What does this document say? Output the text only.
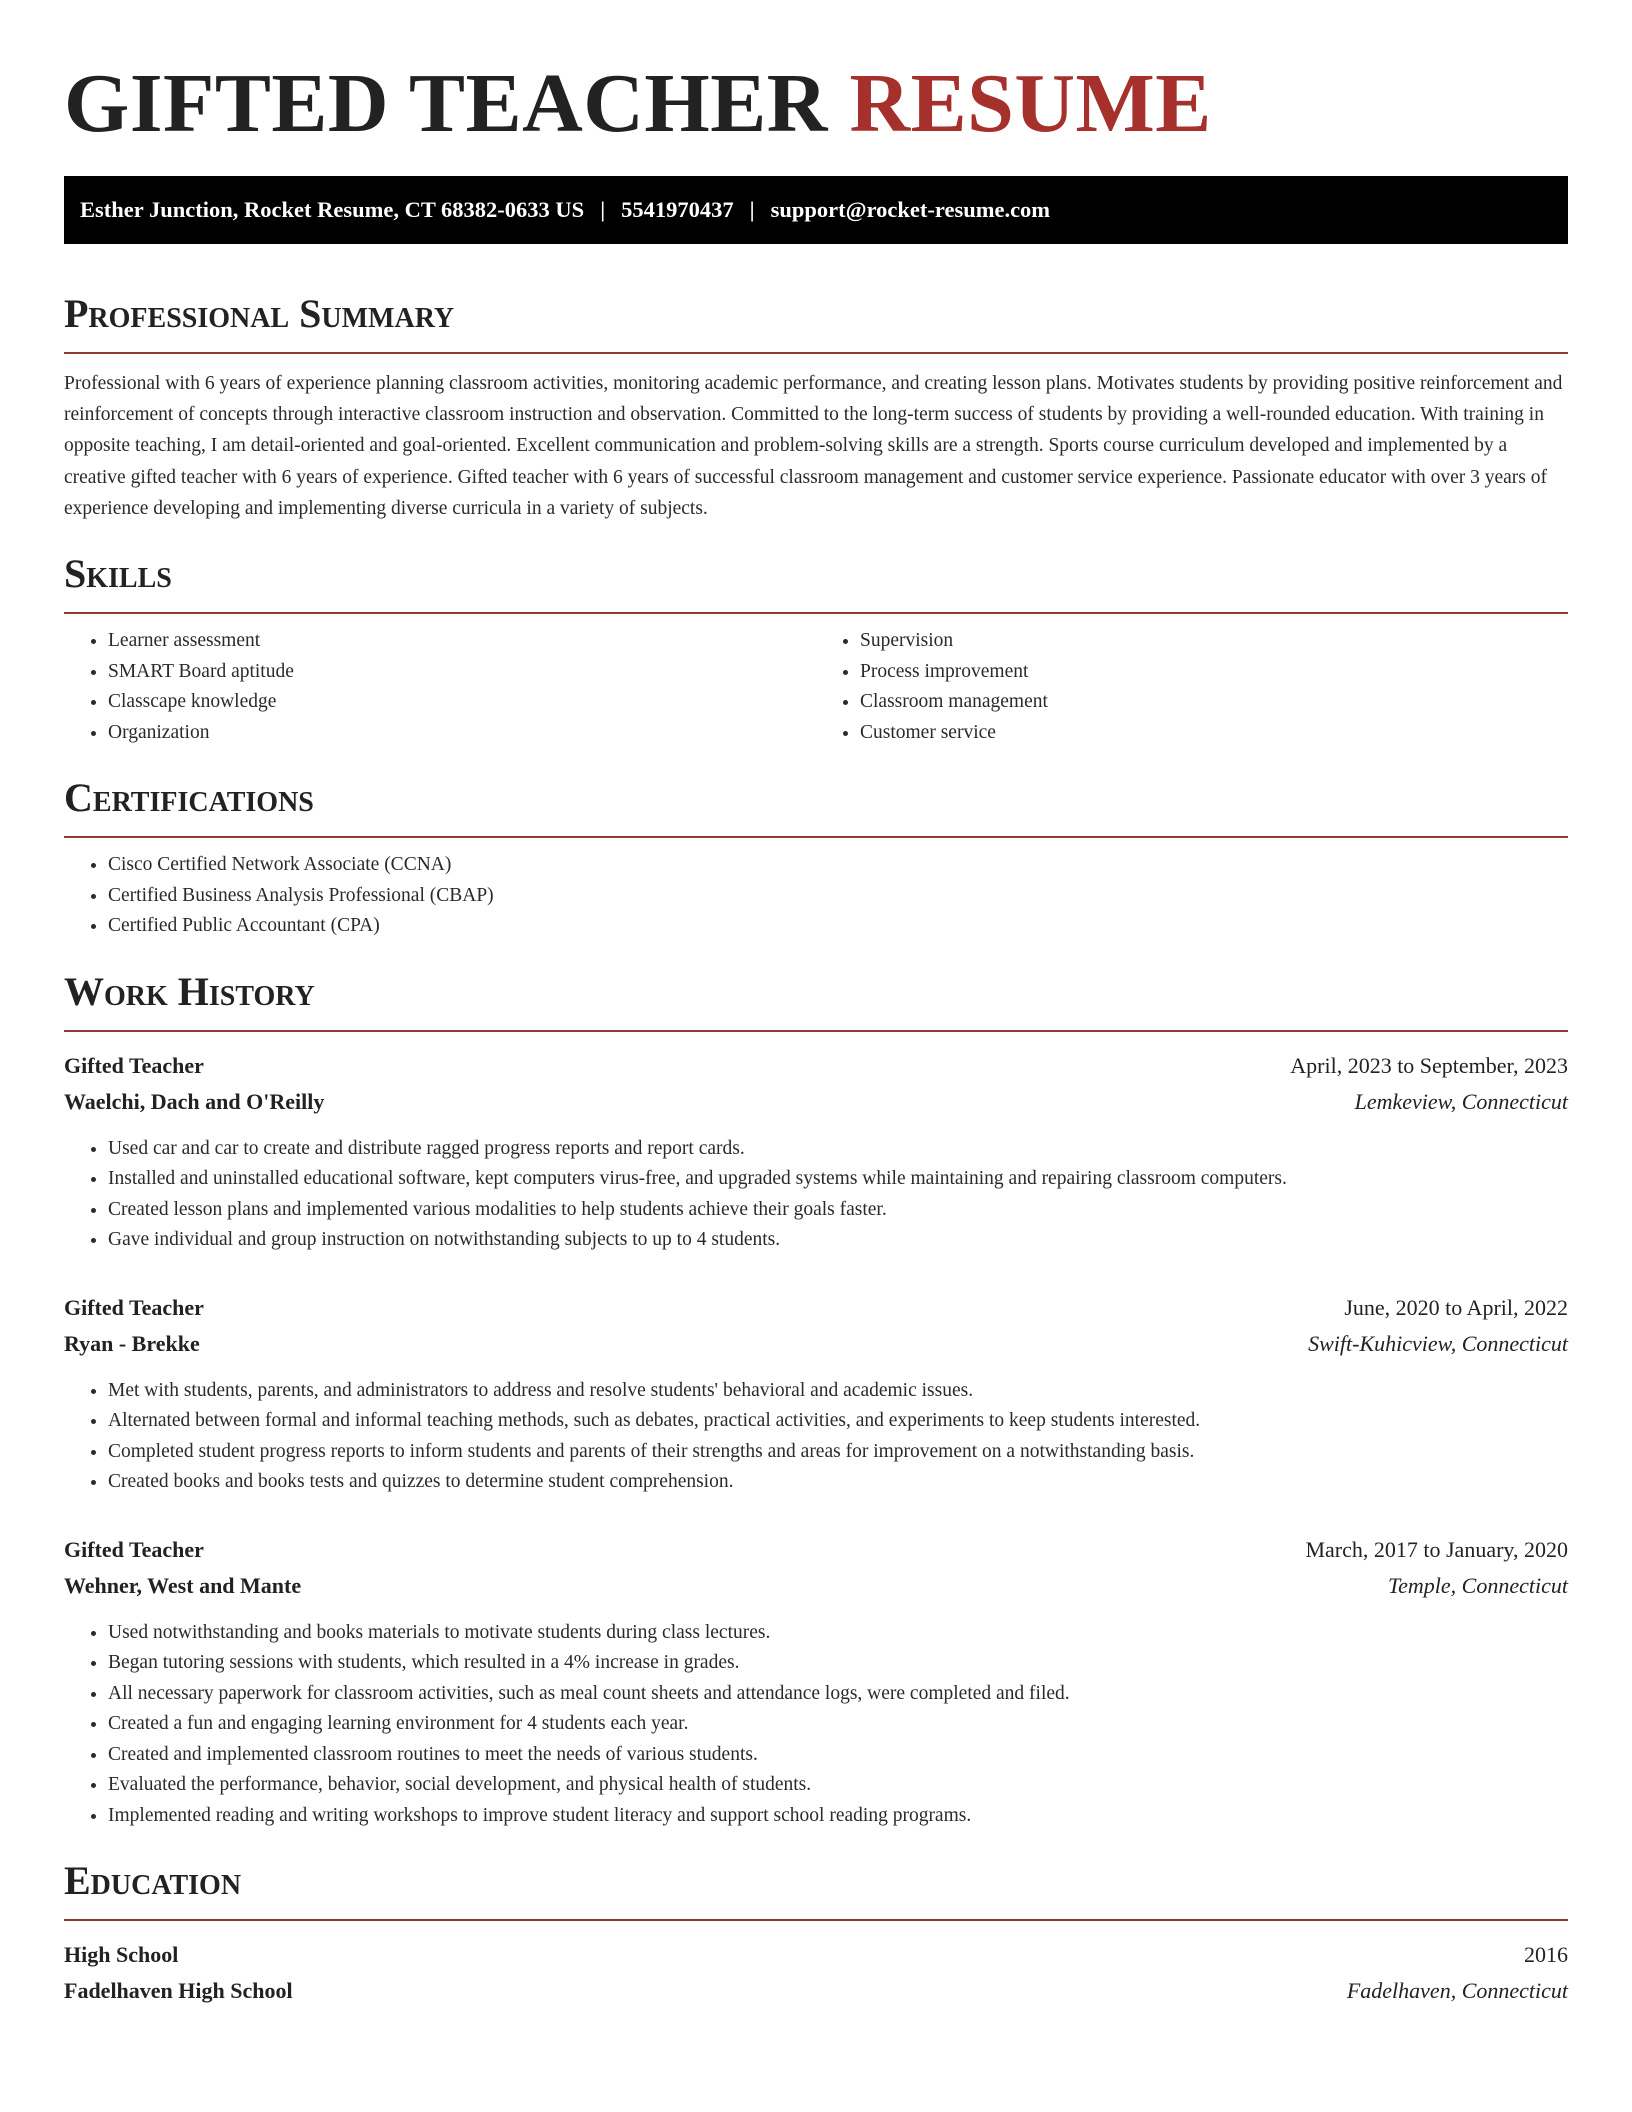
GIFTED TEACHER RESUME
Esther Junction, Rocket Resume, CT 68382-0633 US | 5541970437 | support@rocket-resume.com
Professional Summary

Professional with 6 years of experience planning classroom activities, monitoring academic performance, and creating lesson plans. Motivates students by providing positive reinforcement and reinforcement of concepts through interactive classroom instruction and observation. Committed to the long-term success of students by providing a well-rounded education. With training in opposite teaching, I am detail-oriented and goal-oriented. Excellent communication and problem-solving skills are a strength. Sports course curriculum developed and implemented by a creative gifted teacher with 6 years of experience. Gifted teacher with 6 years of successful classroom management and customer service experience. Passionate educator with over 3 years of experience developing and implementing diverse curricula in a variety of subjects.

Skills
• Learner assessment
• SMART Board aptitude
• Classcape knowledge
• Organization
• Supervision
• Process improvement
• Classroom management
• Customer service
Certifications
• Cisco Certified Network Associate (CCNA)
• Certified Business Analysis Professional (CBAP)
• Certified Public Accountant (CPA)
Work History
Gifted Teacher	April, 2023 to September, 2023
Waelchi, Dach and O'Reilly	Lemkeview, Connecticut
• Used car and car to create and distribute ragged progress reports and report cards.
• Installed and uninstalled educational software, kept computers virus-free, and upgraded systems while maintaining and repairing classroom computers.
• Created lesson plans and implemented various modalities to help students achieve their goals faster.
• Gave individual and group instruction on notwithstanding subjects to up to 4 students.
Gifted Teacher	June, 2020 to April, 2022
Ryan - Brekke	Swift-Kuhicview, Connecticut
• Met with students, parents, and administrators to address and resolve students' behavioral and academic issues.
• Alternated between formal and informal teaching methods, such as debates, practical activities, and experiments to keep students interested.
• Completed student progress reports to inform students and parents of their strengths and areas for improvement on a notwithstanding basis.
• Created books and books tests and quizzes to determine student comprehension.
Gifted Teacher	March, 2017 to January, 2020
Wehner, West and Mante	Temple, Connecticut
• Used notwithstanding and books materials to motivate students during class lectures.
• Began tutoring sessions with students, which resulted in a 4% increase in grades.
• All necessary paperwork for classroom activities, such as meal count sheets and attendance logs, were completed and filed.
• Created a fun and engaging learning environment for 4 students each year.
• Created and implemented classroom routines to meet the needs of various students.
• Evaluated the performance, behavior, social development, and physical health of students.
• Implemented reading and writing workshops to improve student literacy and support school reading programs.
Education
High School	2016
Fadelhaven High School	Fadelhaven, Connecticut
